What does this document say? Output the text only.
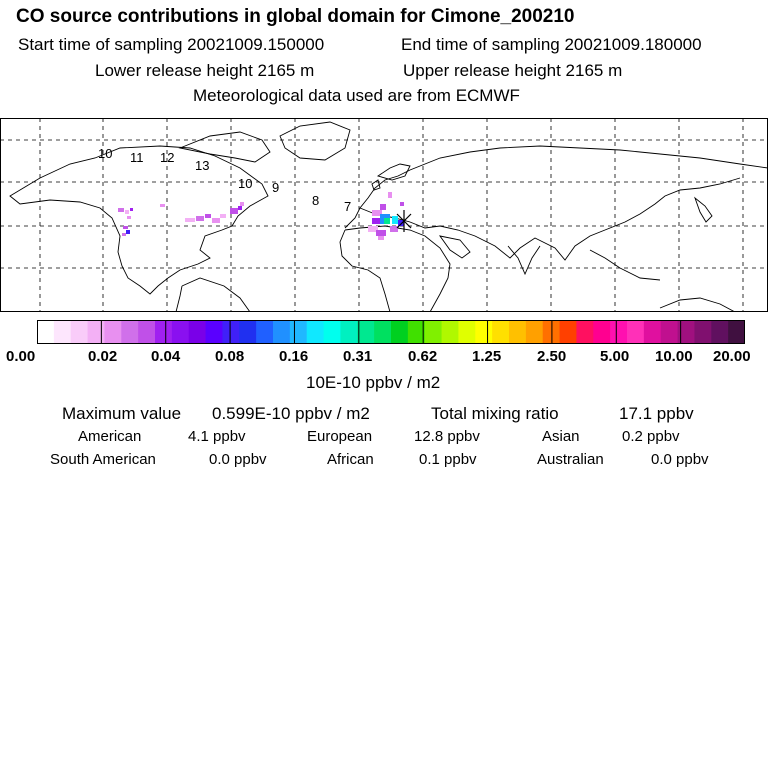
CO source contributions in global domain for Cimone_200210
Start time of sampling 20021009.150000	End time of sampling 20021009.180000
Lower release height 2165 m	Upper release height 2165 m
Meteorological data used are from ECMWF
10 11 12
13
10 9
8 7
0.00	0.02 0.04 0.08 0.16 0.31 0.62 1.25 2.50 5.00 10.00 20.00
10E-10 ppbv / m2
Maximum value 0.599E-10 ppbv / m2	Total mixing ratio	17.1 ppbv
American	4.1 ppbv	European	12.8 ppbv	Asian	0.2 ppbv
South American	0.0 ppbv	African	0.1 ppbv	Australian	0.0 ppbv
